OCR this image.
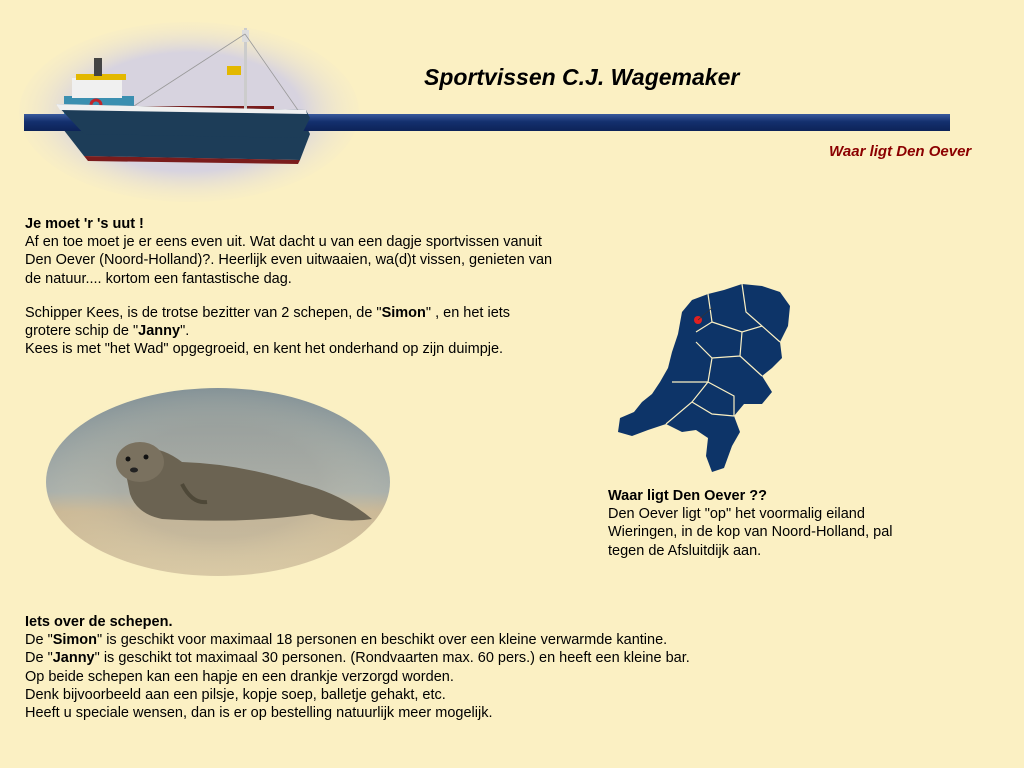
Sportvissen C.J. Wagemaker
Waar ligt Den Oever

Je moet 'r 's uut !

Af en toe moet je er eens even uit. Wat dacht u van een dagje sportvissen vanuit

Den Oever (Noord-Holland)?. Heerlijk even uitwaaien, wa(d)t vissen, genieten van

de natuur.... kortom een fantastische dag.

Schipper Kees, is de trotse bezitter van 2 schepen, de "Simon" , en het iets

grotere schip de "Janny".

Kees is met "het Wad" opgegroeid, en kent het onderhand op zijn duimpje.

Waar ligt Den Oever ??

Den Oever ligt "op" het voormalig eiland

Wieringen, in de kop van Noord-Holland, pal

tegen de Afsluitdijk aan.

Iets over de schepen.

De "Simon" is geschikt voor maximaal 18 personen en beschikt over een kleine verwarmde kantine.

De "Janny" is geschikt tot maximaal 30 personen. (Rondvaarten max. 60 pers.) en heeft een kleine bar.

Op beide schepen kan een hapje en een drankje verzorgd worden.

Denk bijvoorbeeld aan een pilsje, kopje soep, balletje gehakt, etc.

Heeft u speciale wensen, dan is er op bestelling natuurlijk meer mogelijk.
